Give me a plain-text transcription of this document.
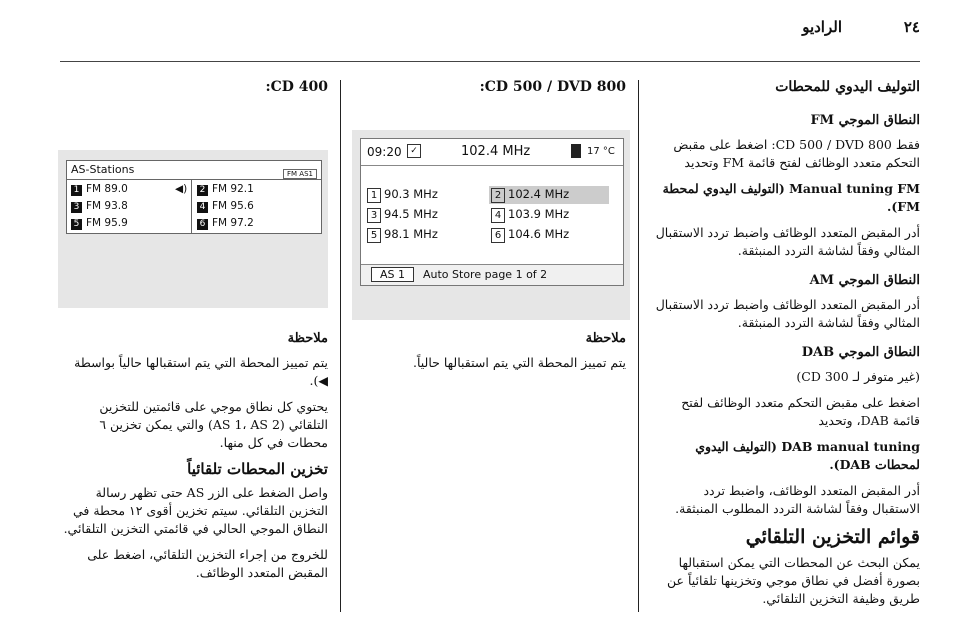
الراديو	٢٤
التوليف اليدوي للمحطات
النطاق الموجي FM

فقط CD 500 / DVD 800: اضغط على مقبض التحكم متعدد الوظائف لفتح قائمة FM وتحديد

Manual tuning FM (التوليف اليدوي لمحطة FM).

أدر المقبض المتعدد الوظائف واضبط تردد الاستقبال المثالي وفقاً لشاشة التردد المنبثقة.

النطاق الموجي AM

أدر المقبض المتعدد الوظائف واضبط تردد الاستقبال المثالي وفقاً لشاشة التردد المنبثقة.

النطاق الموجي DAB

(غير متوفر لـ CD 300)

اضغط على مقبض التحكم متعدد الوظائف لفتح قائمة DAB، وتحديد

DAB manual tuning (التوليف اليدوي لمحطات DAB).

أدر المقبض المتعدد الوظائف، واضبط تردد الاستقبال وفقاً لشاشة التردد المطلوب المنبثقة.

قوائم التخزين التلقائي

يمكن البحث عن المحطات التي يمكن استقبالها بصورة أفضل في نطاق موجي وتخزينها تلقائياً عن طريق وظيفة التخزين التلقائي.

CD 500 / DVD 800:
09:20 ✓	102.4 MHz	17 °C
1 90.3 MHz	2 102.4 MHz
3 94.5 MHz	4 103.9 MHz
5 98.1 MHz	6 104.6 MHz
AS 1	Auto Store page 1 of 2
ملاحظة

يتم تمييز المحطة التي يتم استقبالها حالياً.

CD 400:
AS-Stations	FM AS1
1 FM 89.0	◀) 2 FM 92.1
3 FM 93.8	4 FM 95.6
5 FM 95.9	6 FM 97.2
ملاحظة

يتم تمييز المحطة التي يتم استقبالها حالياً بواسطة ◀).

يحتوي كل نطاق موجي على قائمتين للتخزين التلقائي (AS 1، AS 2) والتي يمكن تخزين ٦ محطات في كل منها.

تخزين المحطات تلقائياً

واصل الضغط على الزر AS حتى تظهر رسالة التخزين التلقائي. سيتم تخزين أقوى ١٢ محطة في النطاق الموجي الحالي في قائمتي التخزين التلقائي.

للخروج من إجراء التخزين التلقائي، اضغط على المقبض المتعدد الوظائف.
